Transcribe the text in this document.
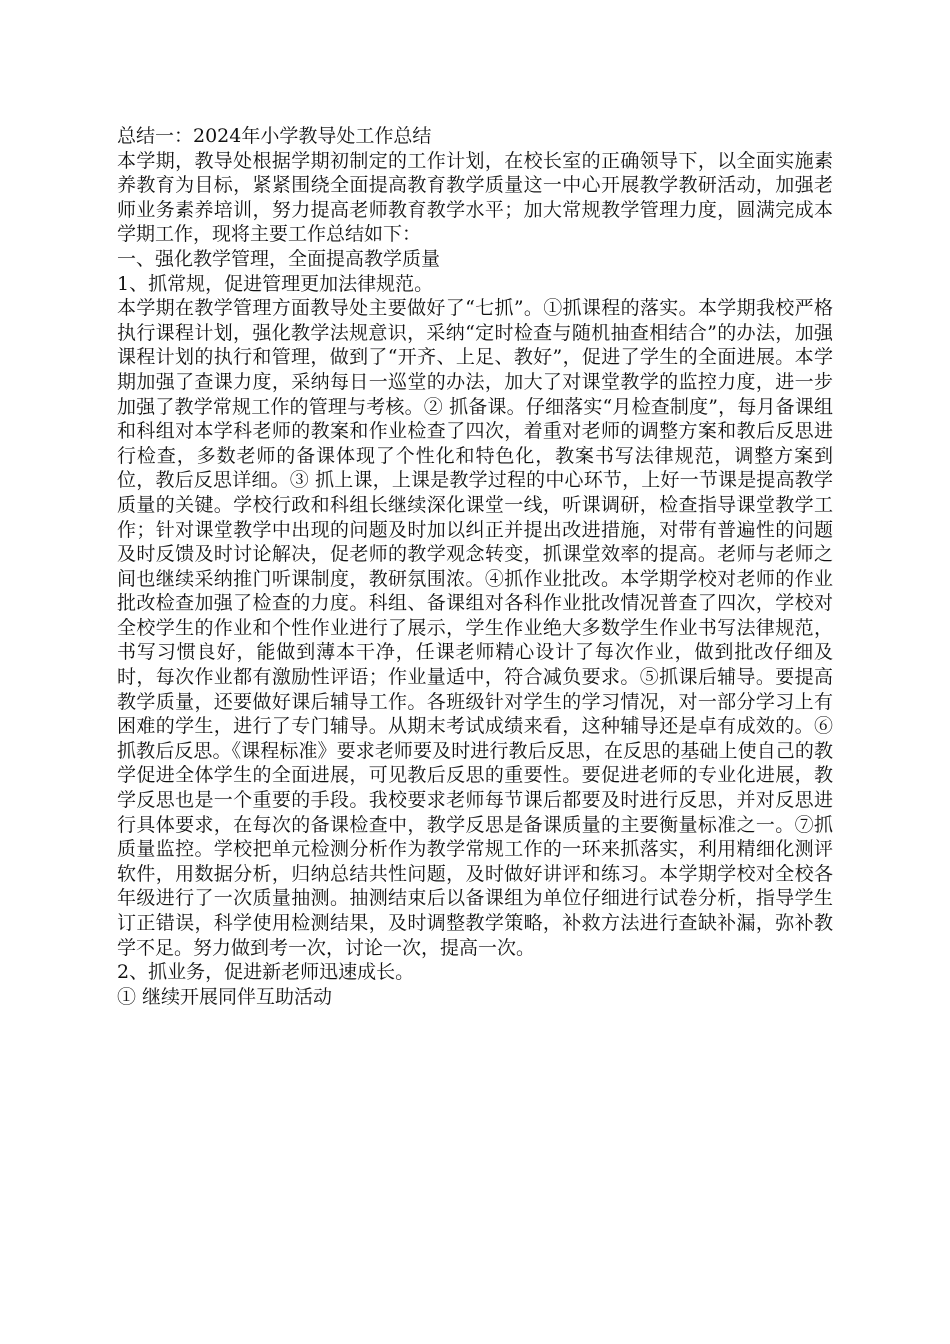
总结一：2024年小学教导处工作总结

本学期，教导处根据学期初制定的工作计划，在校长室的正确领导下，以全面实施素养教育为目标，紧紧围绕全面提高教育教学质量这一中心开展教学教研活动，加强老师业务素养培训，努力提高老师教育教学水平；加大常规教学管理力度，圆满完成本学期工作，现将主要工作总结如下：

一、强化教学管理，全面提高教学质量

1、抓常规，促进管理更加法律规范。

本学期在教学管理方面教导处主要做好了“七抓”。①抓课程的落实。本学期我校严格执行课程计划，强化教学法规意识，采纳“定时检查与随机抽查相结合”的办法，加强课程计划的执行和管理，做到了“开齐、上足、教好”，促进了学生的全面进展。本学期加强了查课力度，采纳每日一巡堂的办法，加大了对课堂教学的监控力度，进一步加强了教学常规工作的管理与考核。② 抓备课。仔细落实“月检查制度”，每月备课组和科组对本学科老师的教案和作业检查了四次，着重对老师的调整方案和教后反思进行检查，多数老师的备课体现了个性化和特色化，教案书写法律规范，调整方案到位，教后反思详细。③ 抓上课，上课是教学过程的中心环节，上好一节课是提高教学质量的关键。学校行政和科组长继续深化课堂一线，听课调研，检查指导课堂教学工作；针对课堂教学中出现的问题及时加以纠正并提出改进措施，对带有普遍性的问题及时反馈及时讨论解决，促老师的教学观念转变，抓课堂效率的提高。老师与老师之间也继续采纳推门听课制度，教研氛围浓。④抓作业批改。本学期学校对老师的作业批改检查加强了检查的力度。科组、备课组对各科作业批改情况普查了四次，学校对全校学生的作业和个性作业进行了展示，学生作业绝大多数学生作业书写法律规范，书写习惯良好，能做到薄本干净，任课老师精心设计了每次作业，做到批改仔细及时，每次作业都有激励性评语；作业量适中，符合减负要求。⑤抓课后辅导。要提高教学质量，还要做好课后辅导工作。各班级针对学生的学习情况，对一部分学习上有困难的学生，进行了专门辅导。从期末考试成绩来看，这种辅导还是卓有成效的。⑥抓教后反思。《课程标准》要求老师要及时进行教后反思，在反思的基础上使自己的教学促进全体学生的全面进展，可见教后反思的重要性。要促进老师的专业化进展，教学反思也是一个重要的手段。我校要求老师每节课后都要及时进行反思，并对反思进行具体要求，在每次的备课检查中，教学反思是备课质量的主要衡量标准之一。⑦抓质量监控。学校把单元检测分析作为教学常规工作的一环来抓落实，利用精细化测评软件，用数据分析，归纳总结共性问题，及时做好讲评和练习。本学期学校对全校各年级进行了一次质量抽测。抽测结束后以备课组为单位仔细进行试卷分析，指导学生订正错误，科学使用检测结果，及时调整教学策略，补救方法进行查缺补漏，弥补教学不足。努力做到考一次，讨论一次，提高一次。

2、抓业务，促进新老师迅速成长。

① 继续开展同伴互助活动
